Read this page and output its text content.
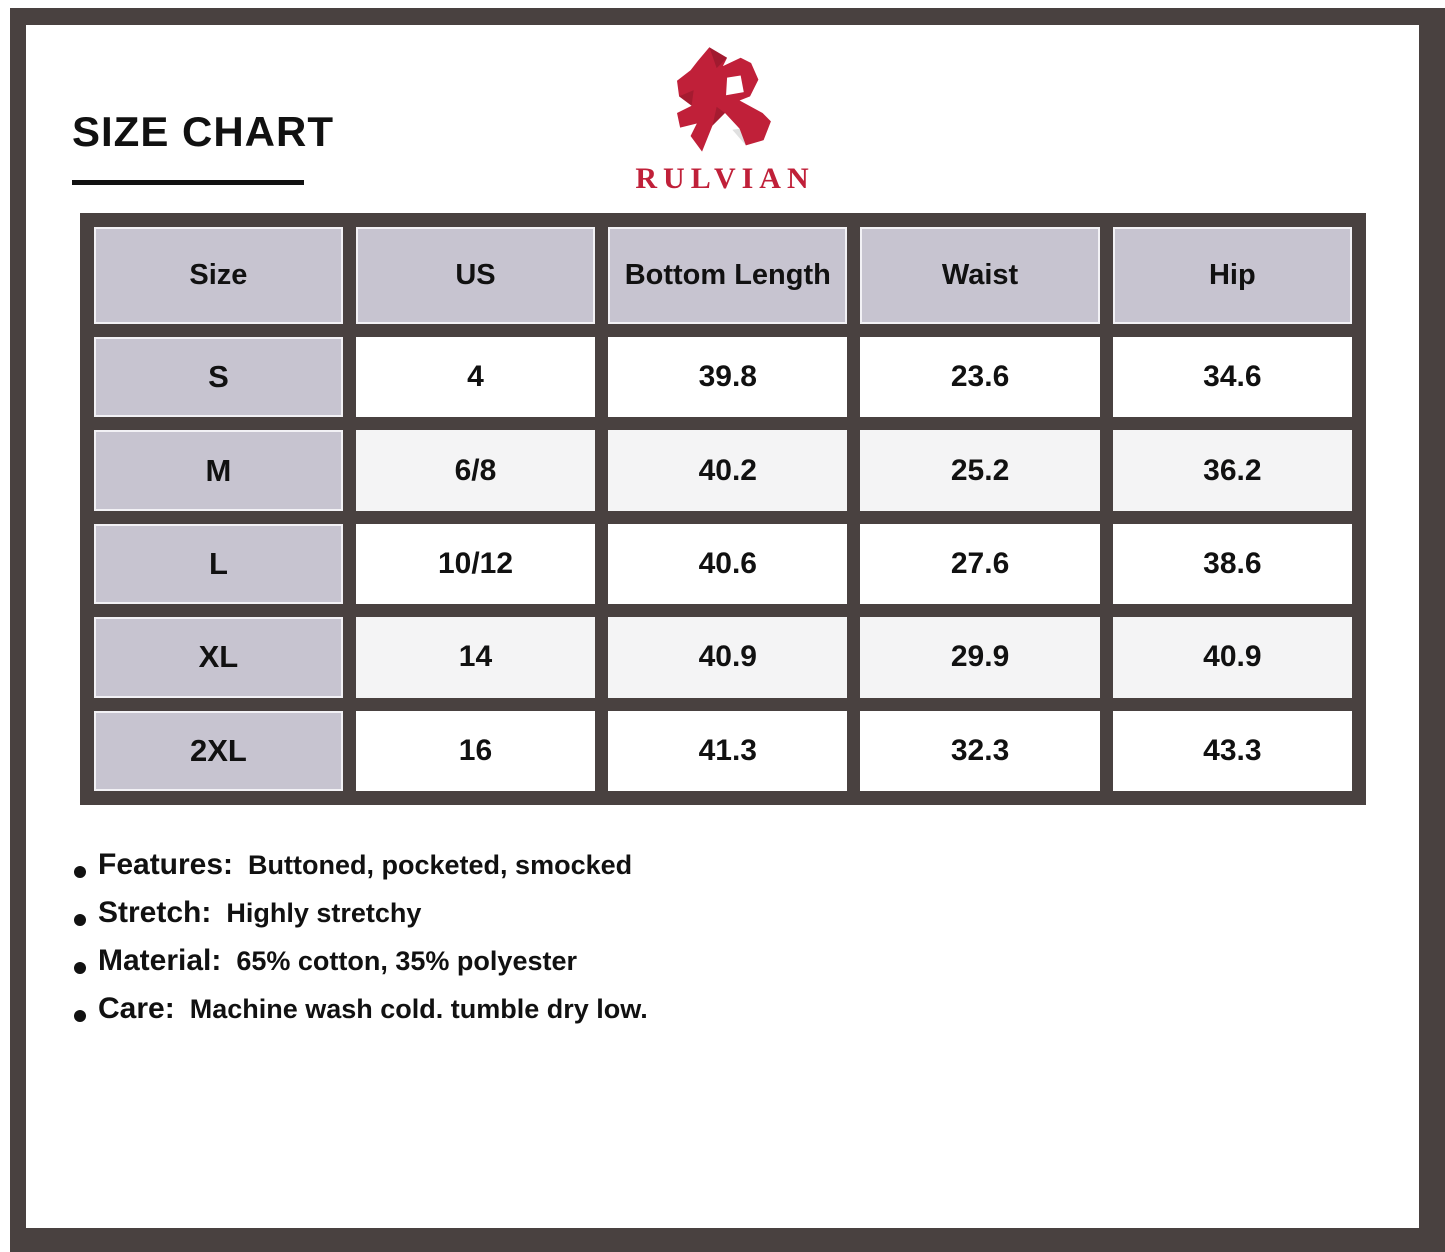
SIZE CHART
RULVIAN
Size	US	Bottom Length	Waist	Hip
S	4	39.8	23.6	34.6
M	6/8	40.2	25.2	36.2
L	10/12	40.6	27.6	38.6
XL	14	40.9	29.9	40.9
2XL	16	41.3	32.3	43.3
Features: Buttoned, pocketed, smocked
Stretch: Highly stretchy
Material: 65% cotton, 35% polyester
Care: Machine wash cold. tumble dry low.
